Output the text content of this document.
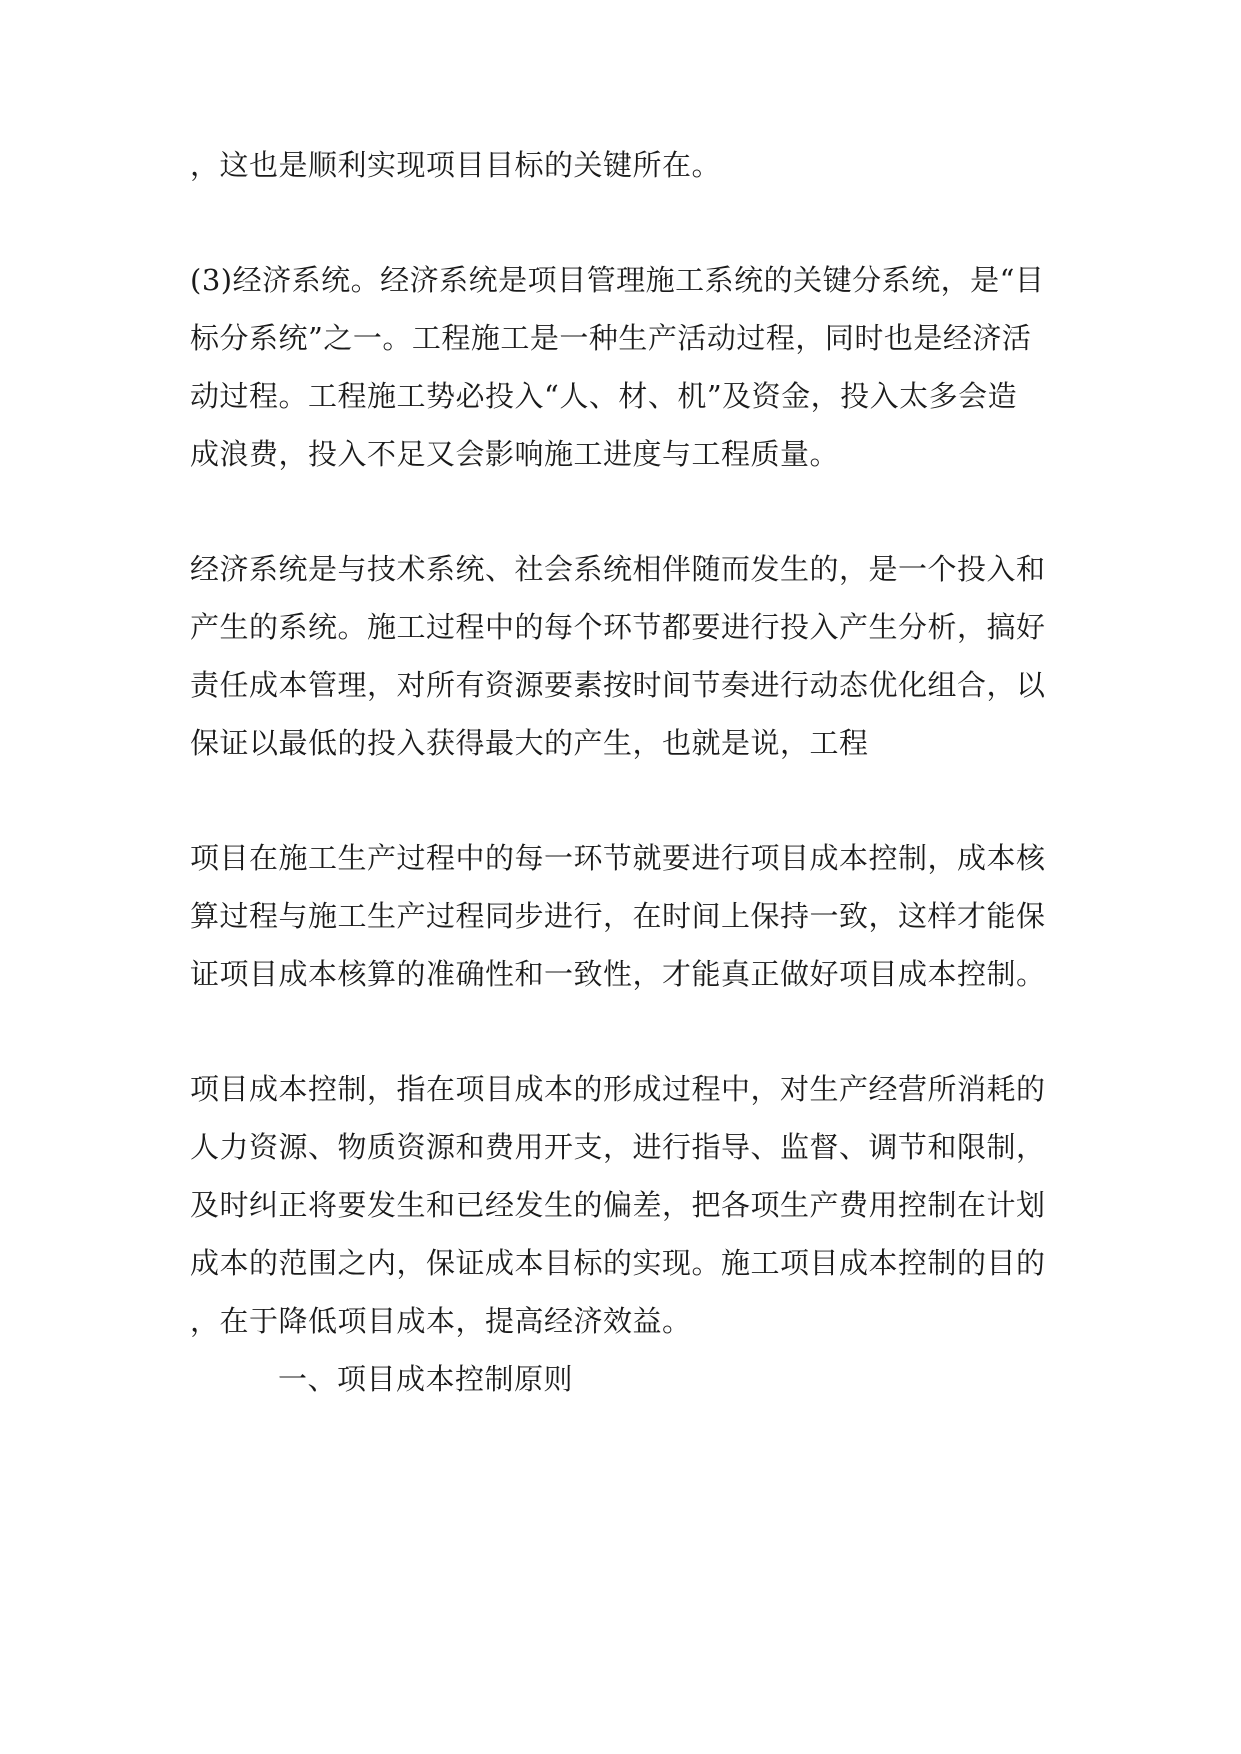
，这也是顺利实现项目目标的关键所在。
(3)经济系统。经济系统是项目管理施工系统的关键分系统，是“目
标分系统”之一。工程施工是一种生产活动过程，同时也是经济活
动过程。工程施工势必投入“人、材、机”及资金，投入太多会造
成浪费，投入不足又会影响施工进度与工程质量。
经济系统是与技术系统、社会系统相伴随而发生的，是一个投入和
产生的系统。施工过程中的每个环节都要进行投入产生分析，搞好
责任成本管理，对所有资源要素按时间节奏进行动态优化组合，以
保证以最低的投入获得最大的产生，也就是说，工程
项目在施工生产过程中的每一环节就要进行项目成本控制，成本核
算过程与施工生产过程同步进行，在时间上保持一致，这样才能保
证项目成本核算的准确性和一致性，才能真正做好项目成本控制。
项目成本控制，指在项目成本的形成过程中，对生产经营所消耗的
人力资源、物质资源和费用开支，进行指导、监督、调节和限制，
及时纠正将要发生和已经发生的偏差，把各项生产费用控制在计划
成本的范围之内，保证成本目标的实现。施工项目成本控制的目的
，在于降低项目成本，提高经济效益。
一、项目成本控制原则
